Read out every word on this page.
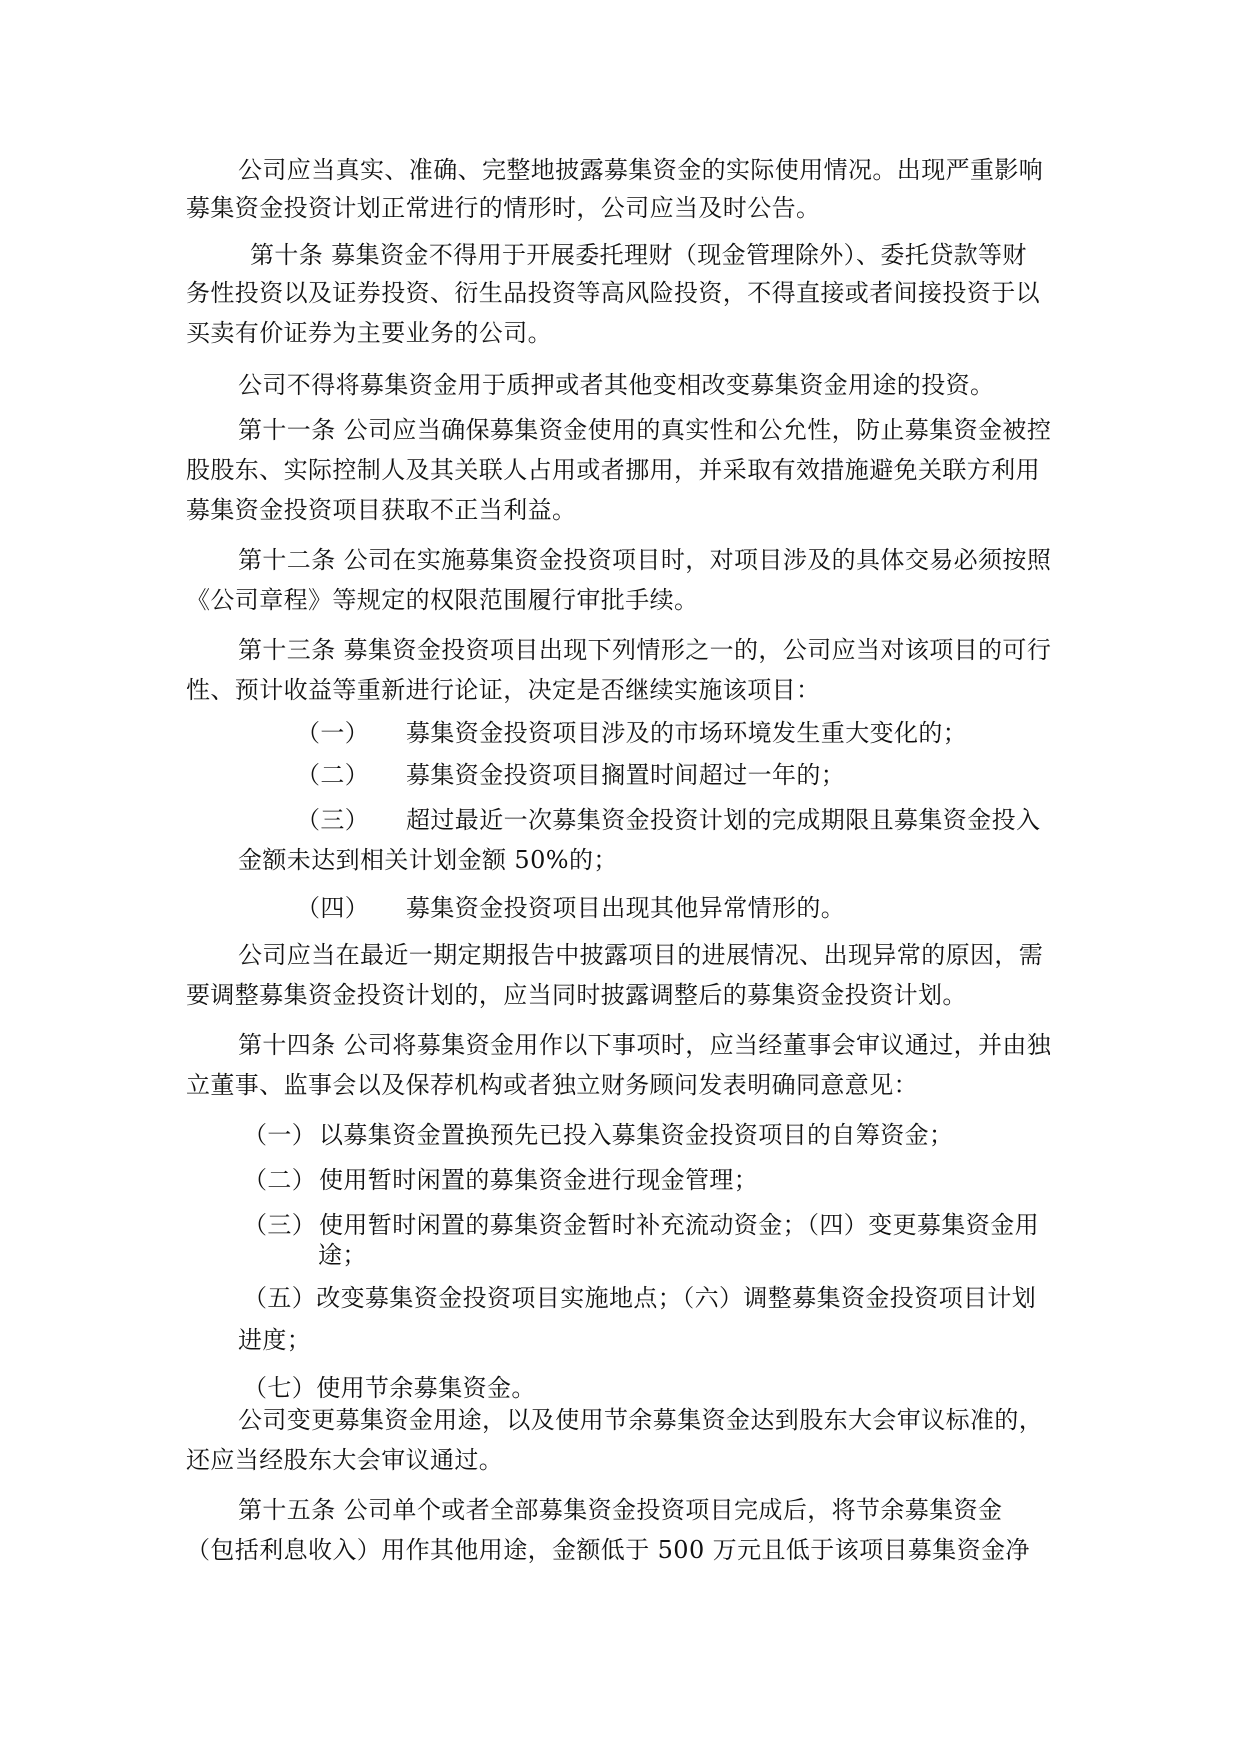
公司应当真实、准确、完整地披露募集资金的实际使用情况。出现严重影响
募集资金投资计划正常进行的情形时，公司应当及时公告。
第十条 募集资金不得用于开展委托理财（现金管理除外）、委托贷款等财
务性投资以及证券投资、衍生品投资等高风险投资，不得直接或者间接投资于以
买卖有价证券为主要业务的公司。
公司不得将募集资金用于质押或者其他变相改变募集资金用途的投资。
第十一条 公司应当确保募集资金使用的真实性和公允性，防止募集资金被控
股股东、实际控制人及其关联人占用或者挪用，并采取有效措施避免关联方利用
募集资金投资项目获取不正当利益。
第十二条 公司在实施募集资金投资项目时，对项目涉及的具体交易必须按照
《公司章程》等规定的权限范围履行审批手续。
第十三条 募集资金投资项目出现下列情形之一的，公司应当对该项目的可行
性、预计收益等重新进行论证，决定是否继续实施该项目：
（一） 募集资金投资项目涉及的市场环境发生重大变化的；
（二） 募集资金投资项目搁置时间超过一年的；
（三） 超过最近一次募集资金投资计划的完成期限且募集资金投入
金额未达到相关计划金额 50%的；
（四） 募集资金投资项目出现其他异常情形的。
公司应当在最近一期定期报告中披露项目的进展情况、出现异常的原因，需
要调整募集资金投资计划的，应当同时披露调整后的募集资金投资计划。
第十四条 公司将募集资金用作以下事项时，应当经董事会审议通过，并由独
立董事、监事会以及保荐机构或者独立财务顾问发表明确同意意见：
（一） 以募集资金置换预先已投入募集资金投资项目的自筹资金；
（二） 使用暂时闲置的募集资金进行现金管理；
（三） 使用暂时闲置的募集资金暂时补充流动资金；（四）变更募集资金用
途；
（五）改变募集资金投资项目实施地点；（六）调整募集资金投资项目计划
进度；
（七）使用节余募集资金。
公司变更募集资金用途，以及使用节余募集资金达到股东大会审议标准的，
还应当经股东大会审议通过。
第十五条 公司单个或者全部募集资金投资项目完成后，将节余募集资金
（包括利息收入）用作其他用途，金额低于 500 万元且低于该项目募集资金净
